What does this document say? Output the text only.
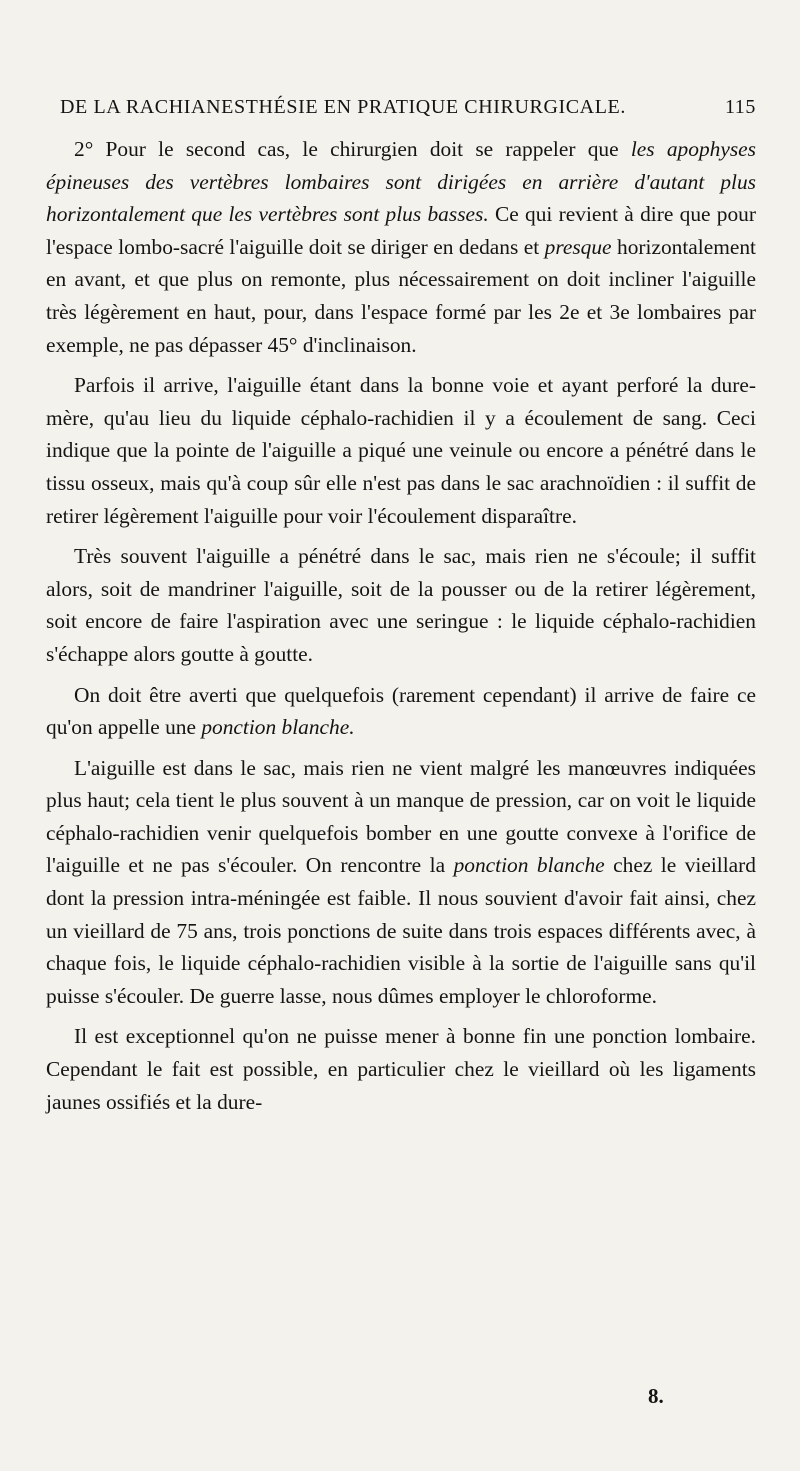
DE LA RACHIANESTHÉSIE EN PRATIQUE CHIRURGICALE.	115

2° Pour le second cas, le chirurgien doit se rappeler que les apophyses épineuses des vertèbres lombaires sont dirigées en arrière d'autant plus horizontalement que les vertèbres sont plus basses. Ce qui revient à dire que pour l'espace lombo-sacré l'aiguille doit se diriger en dedans et presque horizontalement en avant, et que plus on remonte, plus nécessairement on doit incliner l'aiguille très légèrement en haut, pour, dans l'espace formé par les 2e et 3e lombaires par exemple, ne pas dépasser 45° d'inclinaison.

Parfois il arrive, l'aiguille étant dans la bonne voie et ayant perforé la dure-mère, qu'au lieu du liquide céphalo-rachidien il y a écoulement de sang. Ceci indique que la pointe de l'aiguille a piqué une veinule ou encore a pénétré dans le tissu osseux, mais qu'à coup sûr elle n'est pas dans le sac arachnoïdien : il suffit de retirer légèrement l'aiguille pour voir l'écoulement disparaître.

Très souvent l'aiguille a pénétré dans le sac, mais rien ne s'écoule; il suffit alors, soit de mandriner l'aiguille, soit de la pousser ou de la retirer légèrement, soit encore de faire l'aspiration avec une seringue : le liquide céphalo-rachidien s'échappe alors goutte à goutte.

On doit être averti que quelquefois (rarement cependant) il arrive de faire ce qu'on appelle une ponction blanche.

L'aiguille est dans le sac, mais rien ne vient malgré les manœuvres indiquées plus haut; cela tient le plus souvent à un manque de pression, car on voit le liquide céphalo-rachidien venir quelquefois bomber en une goutte convexe à l'orifice de l'aiguille et ne pas s'écouler. On rencontre la ponction blanche chez le vieillard dont la pression intra-méningée est faible. Il nous souvient d'avoir fait ainsi, chez un vieillard de 75 ans, trois ponctions de suite dans trois espaces différents avec, à chaque fois, le liquide céphalo-rachidien visible à la sortie de l'aiguille sans qu'il puisse s'écouler. De guerre lasse, nous dûmes employer le chloroforme.

Il est exceptionnel qu'on ne puisse mener à bonne fin une ponction lombaire. Cependant le fait est possible, en particulier chez le vieillard où les ligaments jaunes ossifiés et la dure-

8.
